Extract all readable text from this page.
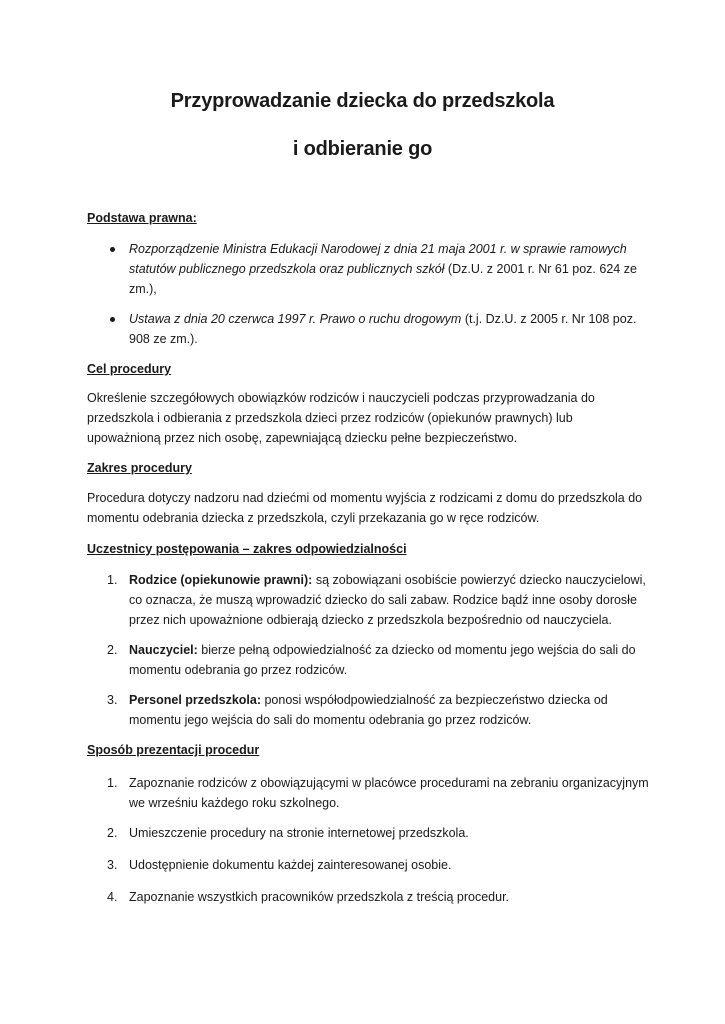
Przyprowadzanie dziecka do przedszkola
i odbieranie go
Podstawa prawna:
Rozporządzenie Ministra Edukacji Narodowej z dnia 21 maja 2001 r. w sprawie ramowych statutów publicznego przedszkola oraz publicznych szkół (Dz.U. z 2001 r. Nr 61 poz. 624 ze zm.),
Ustawa z dnia 20 czerwca 1997 r. Prawo o ruchu drogowym (t.j. Dz.U. z 2005 r. Nr 108 poz. 908 ze zm.).
Cel procedury
Określenie szczegółowych obowiązków rodziców i nauczycieli podczas przyprowadzania do przedszkola i odbierania z przedszkola dzieci przez rodziców (opiekunów prawnych) lub upoważnioną przez nich osobę, zapewniającą dziecku pełne bezpieczeństwo.
Zakres procedury
Procedura dotyczy nadzoru nad dziećmi od momentu wyjścia z rodzicami z domu do przedszkola do momentu odebrania dziecka z przedszkola, czyli przekazania go w ręce rodziców.
Uczestnicy postępowania – zakres odpowiedzialności
1. Rodzice (opiekunowie prawni): są zobowiązani osobiście powierzyć dziecko nauczycielowi, co oznacza, że muszą wprowadzić dziecko do sali zabaw. Rodzice bądź inne osoby dorosłe przez nich upoważnione odbierają dziecko z przedszkola bezpośrednio od nauczyciela.
2. Nauczyciel: bierze pełną odpowiedzialność za dziecko od momentu jego wejścia do sali do momentu odebrania go przez rodziców.
3. Personel przedszkola: ponosi współodpowiedzialność za bezpieczeństwo dziecka od momentu jego wejścia do sali do momentu odebrania go przez rodziców.
Sposób prezentacji procedur
1. Zapoznanie rodziców z obowiązującymi w placówce procedurami na zebraniu organizacyjnym we wrześniu każdego roku szkolnego.
2. Umieszczenie procedury na stronie internetowej przedszkola.
3. Udostępnienie dokumentu każdej zainteresowanej osobie.
4. Zapoznanie wszystkich pracowników przedszkola z treścią procedur.
